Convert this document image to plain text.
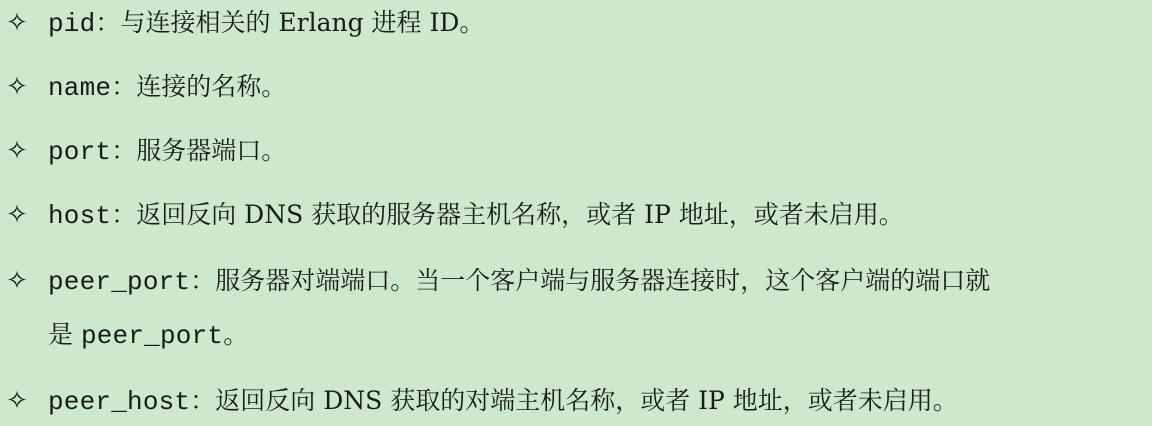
✧ pid：与连接相关的 Erlang 进程 ID。
✧ name：连接的名称。
✧ port：服务器端口。
✧ host：返回反向 DNS 获取的服务器主机名称，或者 IP 地址，或者未启用。
✧ peer_port：服务器对端端口。当一个客户端与服务器连接时，这个客户端的端口就
是 peer_port。
✧ peer_host：返回反向 DNS 获取的对端主机名称，或者 IP 地址，或者未启用。
